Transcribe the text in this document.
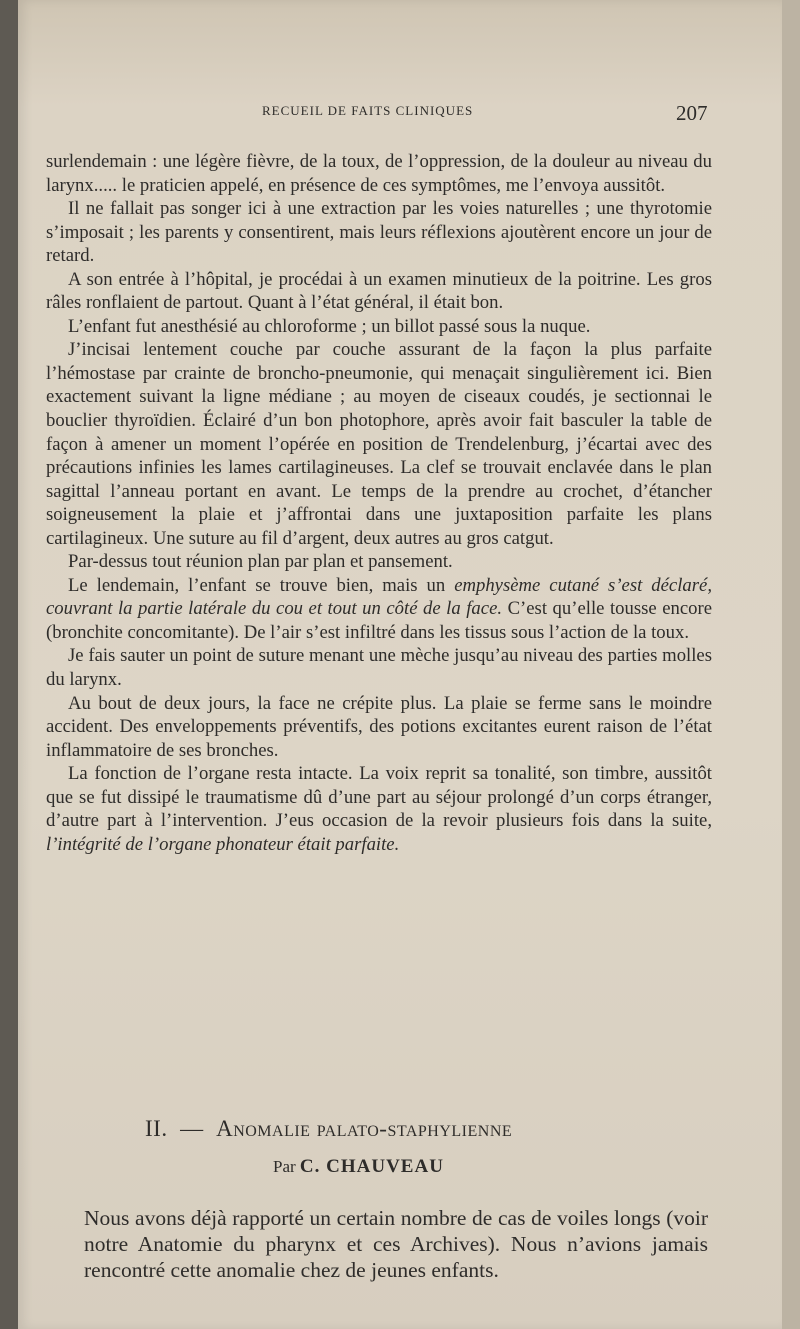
RECUEIL DE FAITS CLINIQUES	207

surlendemain : une légère fièvre, de la toux, de l’oppression, de la douleur au niveau du larynx..... le praticien appelé, en présence de ces symptômes, me l’envoya aussitôt.

Il ne fallait pas songer ici à une extraction par les voies naturelles ; une thyrotomie s’imposait ; les parents y consentirent, mais leurs réflexions ajoutèrent encore un jour de retard.

A son entrée à l’hôpital, je procédai à un examen minutieux de la poitrine. Les gros râles ronflaient de partout. Quant à l’état général, il était bon.

L’enfant fut anesthésié au chloroforme ; un billot passé sous la nuque.

J’incisai lentement couche par couche assurant de la façon la plus parfaite l’hémostase par crainte de broncho-pneumonie, qui menaçait singulièrement ici. Bien exactement suivant la ligne médiane ; au moyen de ciseaux coudés, je sectionnai le bouclier thyroïdien. Éclairé d’un bon photophore, après avoir fait basculer la table de façon à amener un moment l’opérée en position de Trendelenburg, j’écartai avec des précautions infinies les lames cartilagineuses. La clef se trouvait enclavée dans le plan sagittal l’anneau portant en avant. Le temps de la prendre au crochet, d’étancher soigneusement la plaie et j’affrontai dans une juxtaposition parfaite les plans cartilagineux. Une suture au fil d’argent, deux autres au gros catgut.

Par-dessus tout réunion plan par plan et pansement.

Le lendemain, l’enfant se trouve bien, mais un emphysème cutané s’est déclaré, couvrant la partie latérale du cou et tout un côté de la face. C’est qu’elle tousse encore (bronchite concomitante). De l’air s’est infiltré dans les tissus sous l’action de la toux.

Je fais sauter un point de suture menant une mèche jusqu’au niveau des parties molles du larynx.

Au bout de deux jours, la face ne crépite plus. La plaie se ferme sans le moindre accident. Des enveloppements préventifs, des potions excitantes eurent raison de l’état inflammatoire de ses bronches.

La fonction de l’organe resta intacte. La voix reprit sa tonalité, son timbre, aussitôt que se fut dissipé le traumatisme dû d’une part au séjour prolongé d’un corps étranger, d’autre part à l’intervention. J’eus occasion de la revoir plusieurs fois dans la suite, l’intégrité de l’organe phonateur était parfaite.

II. — Anomalie palato-staphylienne
Par C. CHAUVEAU

Nous avons déjà rapporté un certain nombre de cas de voiles longs (voir notre Anatomie du pharynx et ces Archives). Nous n’avions jamais rencontré cette anomalie chez de jeunes enfants.
